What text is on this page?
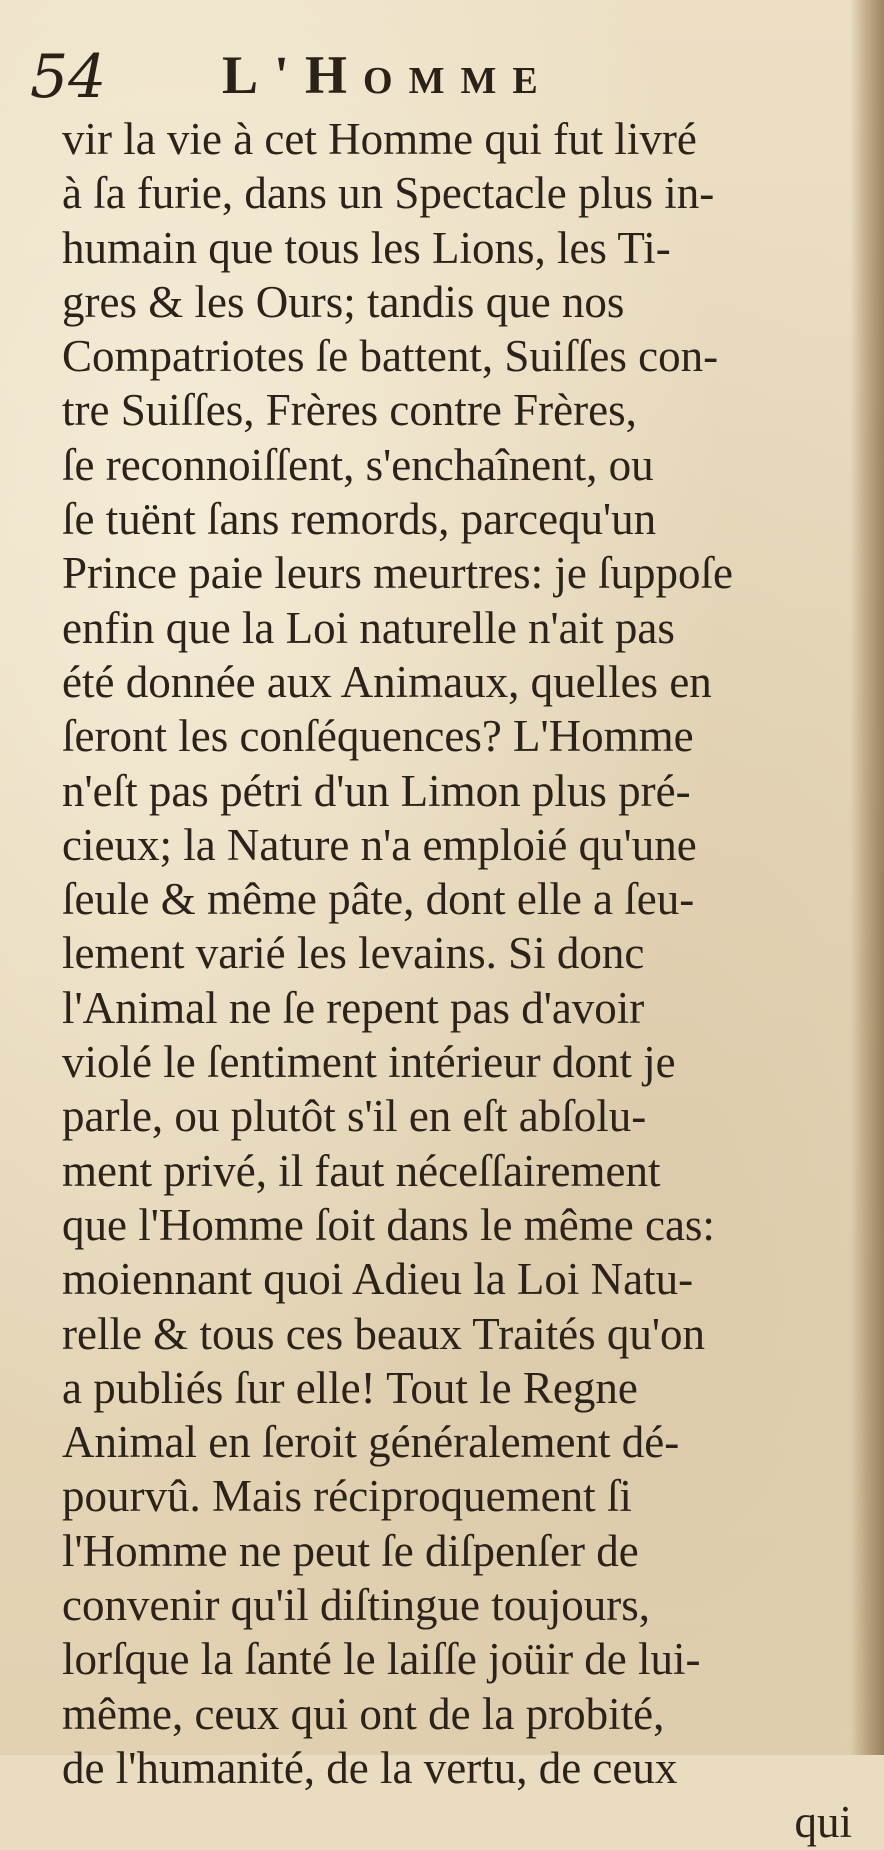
54 L'Homme
vir la vie à cet Homme qui fut livré
à ſa furie, dans un Spectacle plus in-
humain que tous les Lions, les Ti-
gres & les Ours; tandis que nos
Compatriotes ſe battent, Suiſſes con-
tre Suiſſes, Frères contre Frères,
ſe reconnoiſſent, s'enchaînent, ou
ſe tuënt ſans remords, parcequ'un
Prince paie leurs meurtres: je ſuppoſe
enfin que la Loi naturelle n'ait pas
été donnée aux Animaux, quelles en
ſeront les conſéquences? L'Homme
n'eſt pas pétri d'un Limon plus pré-
cieux; la Nature n'a emploié qu'une
ſeule & même pâte, dont elle a ſeu-
lement varié les levains. Si donc
l'Animal ne ſe repent pas d'avoir
violé le ſentiment intérieur dont je
parle, ou plutôt s'il en eſt abſolu-
ment privé, il faut néceſſairement
que l'Homme ſoit dans le même cas:
moiennant quoi Adieu la Loi Natu-
relle & tous ces beaux Traités qu'on
a publiés ſur elle! Tout le Regne
Animal en ſeroit généralement dé-
pourvû. Mais réciproquement ſi
l'Homme ne peut ſe diſpenſer de
convenir qu'il diſtingue toujours,
lorſque la ſanté le laiſſe joüir de lui-
même, ceux qui ont de la probité,
de l'humanité, de la vertu, de ceux
qui
